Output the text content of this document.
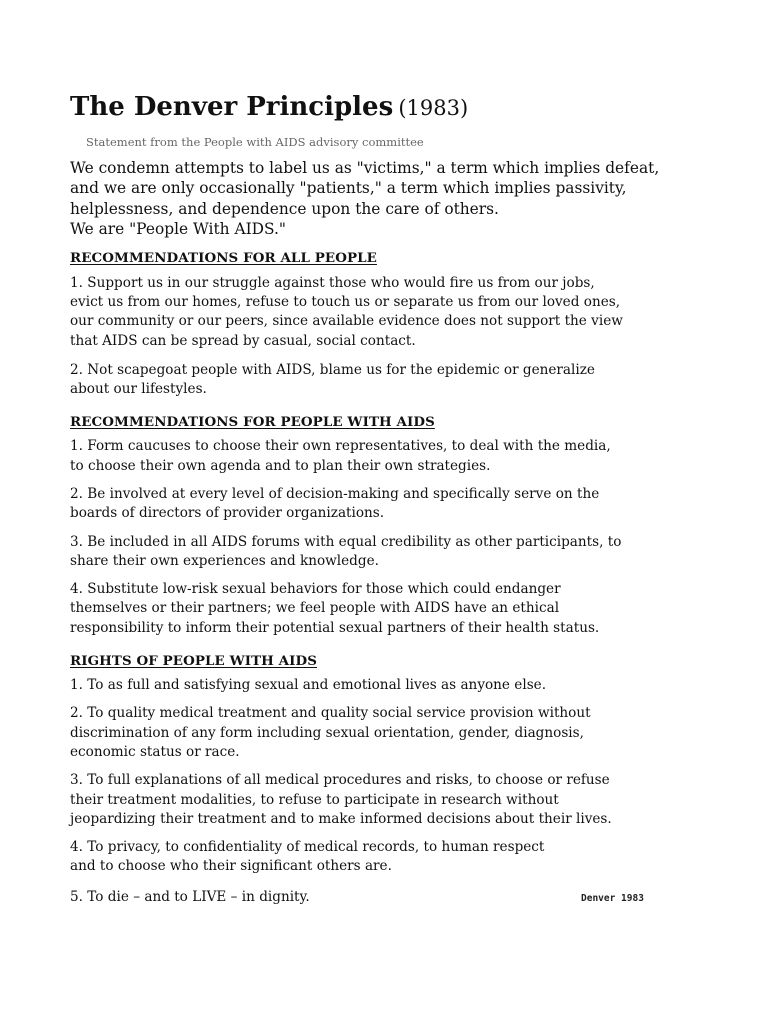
The Denver Principles (1983)
Statement from the People with AIDS advisory committee
We condemn attempts to label us as "victims," a term which implies defeat,
and we are only occasionally "patients," a term which implies passivity,
helplessness, and dependence upon the care of others.
We are "People With AIDS."
RECOMMENDATIONS FOR ALL PEOPLE
1. Support us in our struggle against those who would fire us from our jobs,
evict us from our homes, refuse to touch us or separate us from our loved ones,
our community or our peers, since available evidence does not support the view
that AIDS can be spread by casual, social contact.
2. Not scapegoat people with AIDS, blame us for the epidemic or generalize
about our lifestyles.
RECOMMENDATIONS FOR PEOPLE WITH AIDS
1. Form caucuses to choose their own representatives, to deal with the media,
to choose their own agenda and to plan their own strategies.
2. Be involved at every level of decision-making and specifically serve on the
boards of directors of provider organizations.
3. Be included in all AIDS forums with equal credibility as other participants, to
share their own experiences and knowledge.
4. Substitute low-risk sexual behaviors for those which could endanger
themselves or their partners; we feel people with AIDS have an ethical
responsibility to inform their potential sexual partners of their health status.
RIGHTS OF PEOPLE WITH AIDS
1. To as full and satisfying sexual and emotional lives as anyone else.
2. To quality medical treatment and quality social service provision without
discrimination of any form including sexual orientation, gender, diagnosis,
economic status or race.
3. To full explanations of all medical procedures and risks, to choose or refuse
their treatment modalities, to refuse to participate in research without
jeopardizing their treatment and to make informed decisions about their lives.
4. To privacy, to confidentiality of medical records, to human respect
and to choose who their significant others are.
5. To die – and to LIVE – in dignity.	Denver 1983
